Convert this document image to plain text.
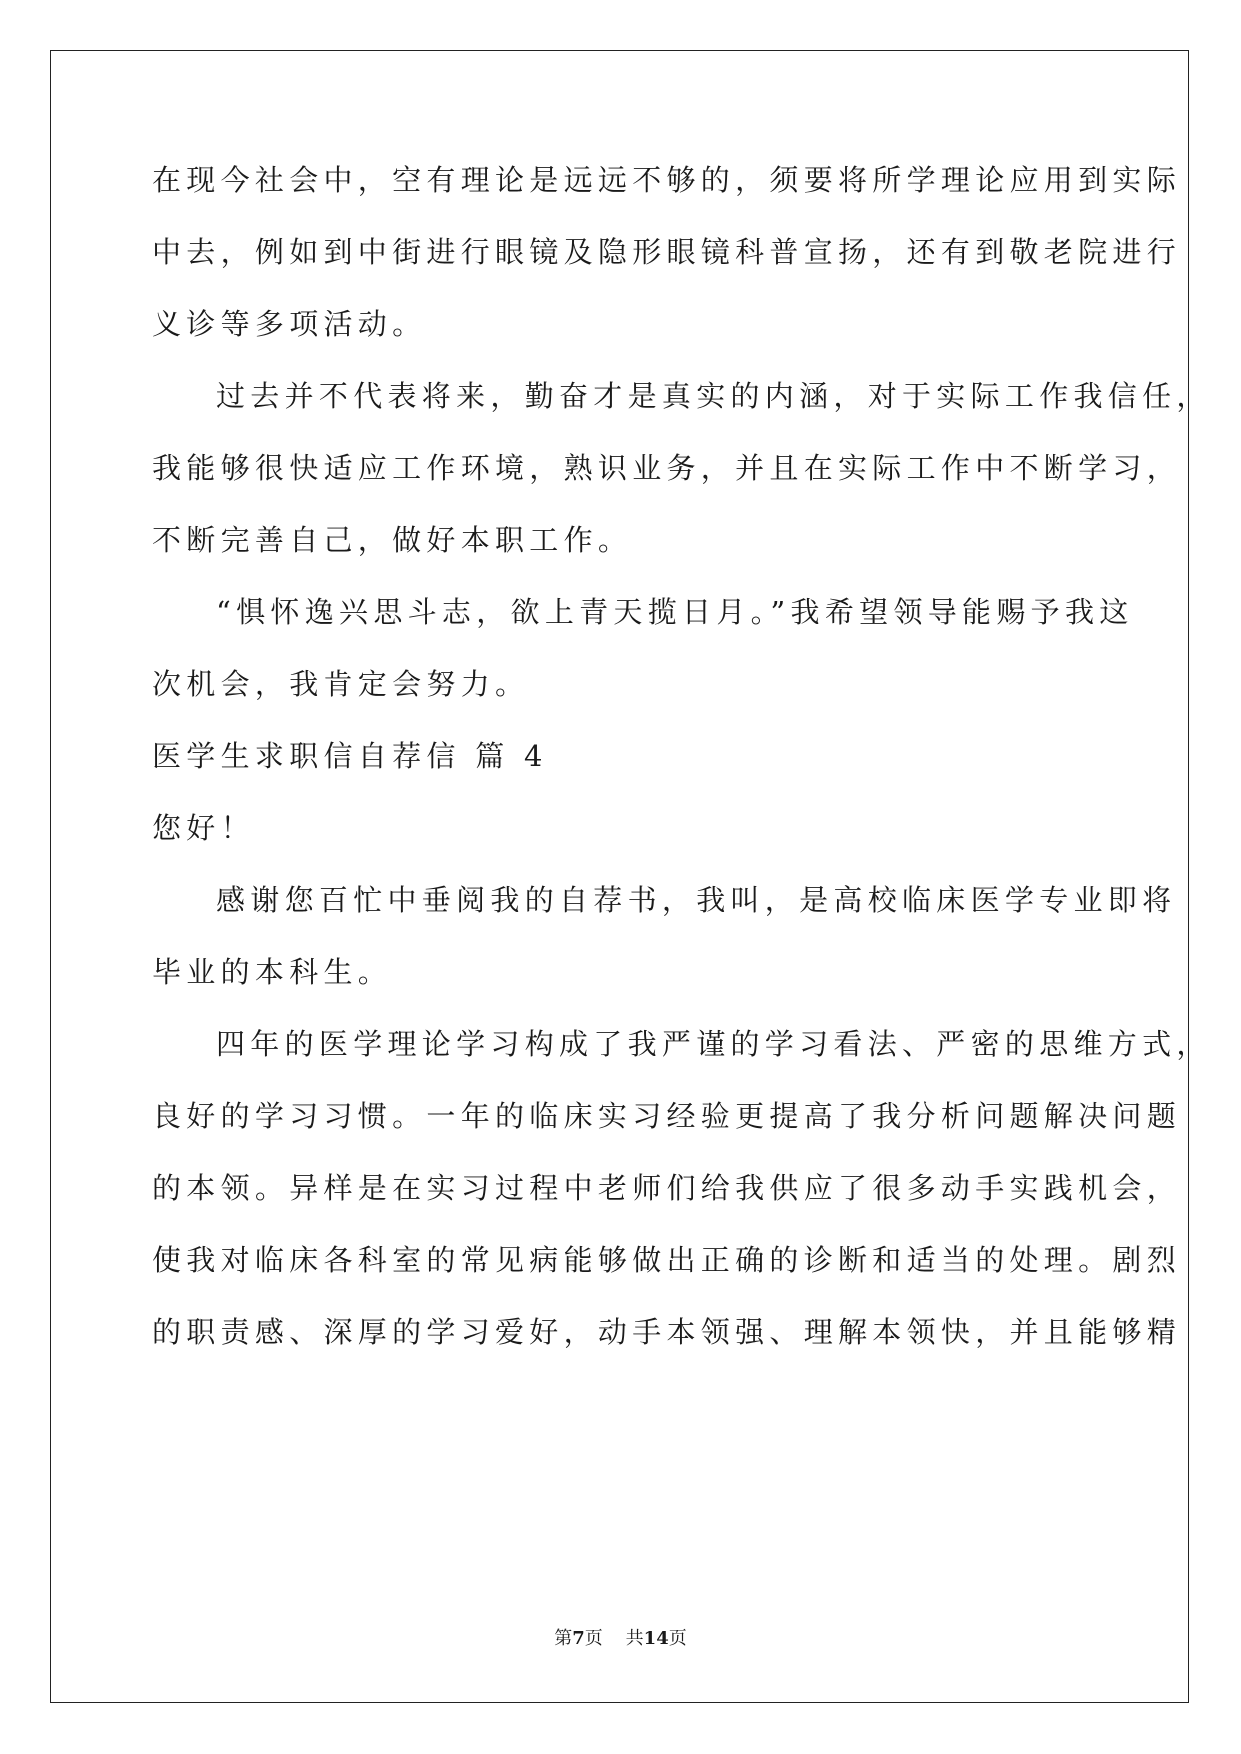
在现今社会中，空有理论是远远不够的，须要将所学理论应用到实际
中去，例如到中街进行眼镜及隐形眼镜科普宣扬，还有到敬老院进行
义诊等多项活动。
过去并不代表将来，勤奋才是真实的内涵，对于实际工作我信任，
我能够很快适应工作环境，熟识业务，并且在实际工作中不断学习，
不断完善自己，做好本职工作。
“惧怀逸兴思斗志，欲上青天揽日月。”我希望领导能赐予我这
次机会，我肯定会努力。
医学生求职信自荐信 篇 4
您好！
感谢您百忙中垂阅我的自荐书，我叫，是高校临床医学专业即将
毕业的本科生。
四年的医学理论学习构成了我严谨的学习看法、严密的思维方式，
良好的学习习惯。一年的临床实习经验更提高了我分析问题解决问题
的本领。异样是在实习过程中老师们给我供应了很多动手实践机会，
使我对临床各科室的常见病能够做出正确的诊断和适当的处理。剧烈
的职责感、深厚的学习爱好，动手本领强、理解本领快，并且能够精
第7页    共14页
